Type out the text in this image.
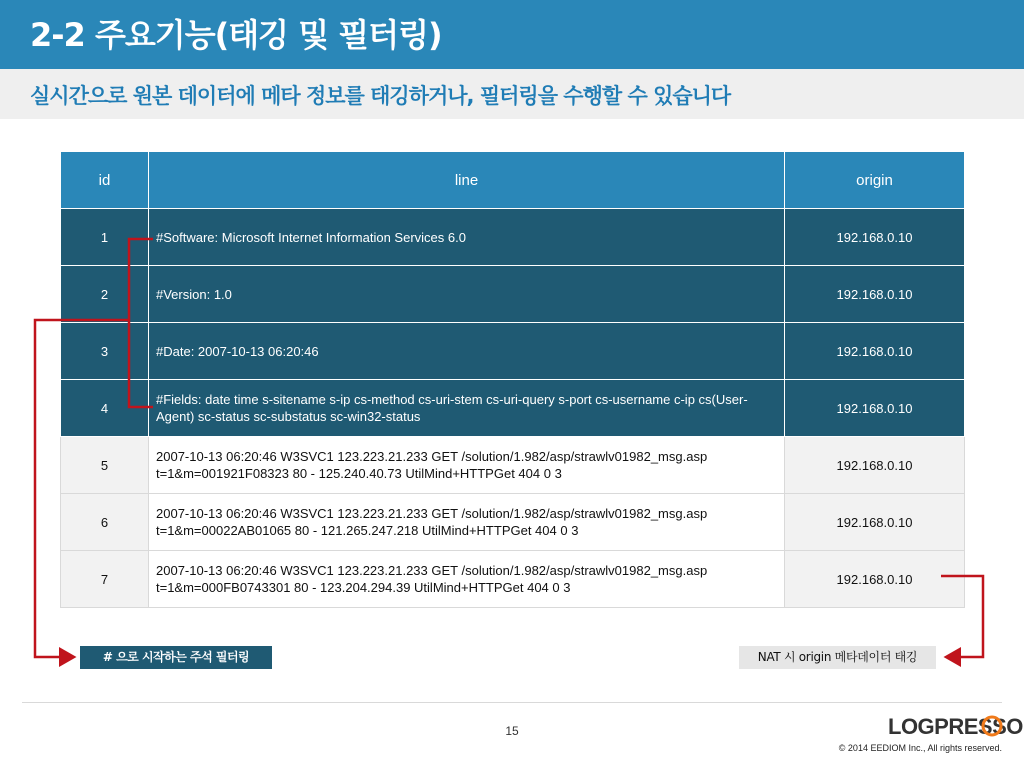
2-2 주요기능(태깅 및 필터링)
실시간으로 원본 데이터에 메타 정보를 태깅하거나, 필터링을 수행할 수 있습니다
id	line	origin
1	#Software: Microsoft Internet Information Services 6.0	192.168.0.10
2	#Version: 1.0	192.168.0.10
3	#Date: 2007-10-13 06:20:46	192.168.0.10
4	#Fields: date time s-sitename s-ip cs-method cs-uri-stem cs-uri-query s-port cs-username c-ip cs(User-Agent) sc-status sc-substatus sc-win32-status	192.168.0.10
5	2007-10-13 06:20:46 W3SVC1 123.223.21.233 GET /solution/1.982/asp/strawlv01982_msg.asp t=1&m=001921F08323 80 - 125.240.40.73 UtilMind+HTTPGet 404 0 3	192.168.0.10
6	2007-10-13 06:20:46 W3SVC1 123.223.21.233 GET /solution/1.982/asp/strawlv01982_msg.asp t=1&m=00022AB01065 80 - 121.265.247.218 UtilMind+HTTPGet 404 0 3	192.168.0.10
7	2007-10-13 06:20:46 W3SVC1 123.223.21.233 GET /solution/1.982/asp/strawlv01982_msg.asp t=1&m=000FB0743301 80 - 123.204.294.39 UtilMind+HTTPGet 404 0 3	192.168.0.10
# 으로 시작하는 주석 필터링	NAT 시 origin 메타데이터 태깅
15	LOGPRESSO
© 2014 EEDIOM Inc., All rights reserved.
